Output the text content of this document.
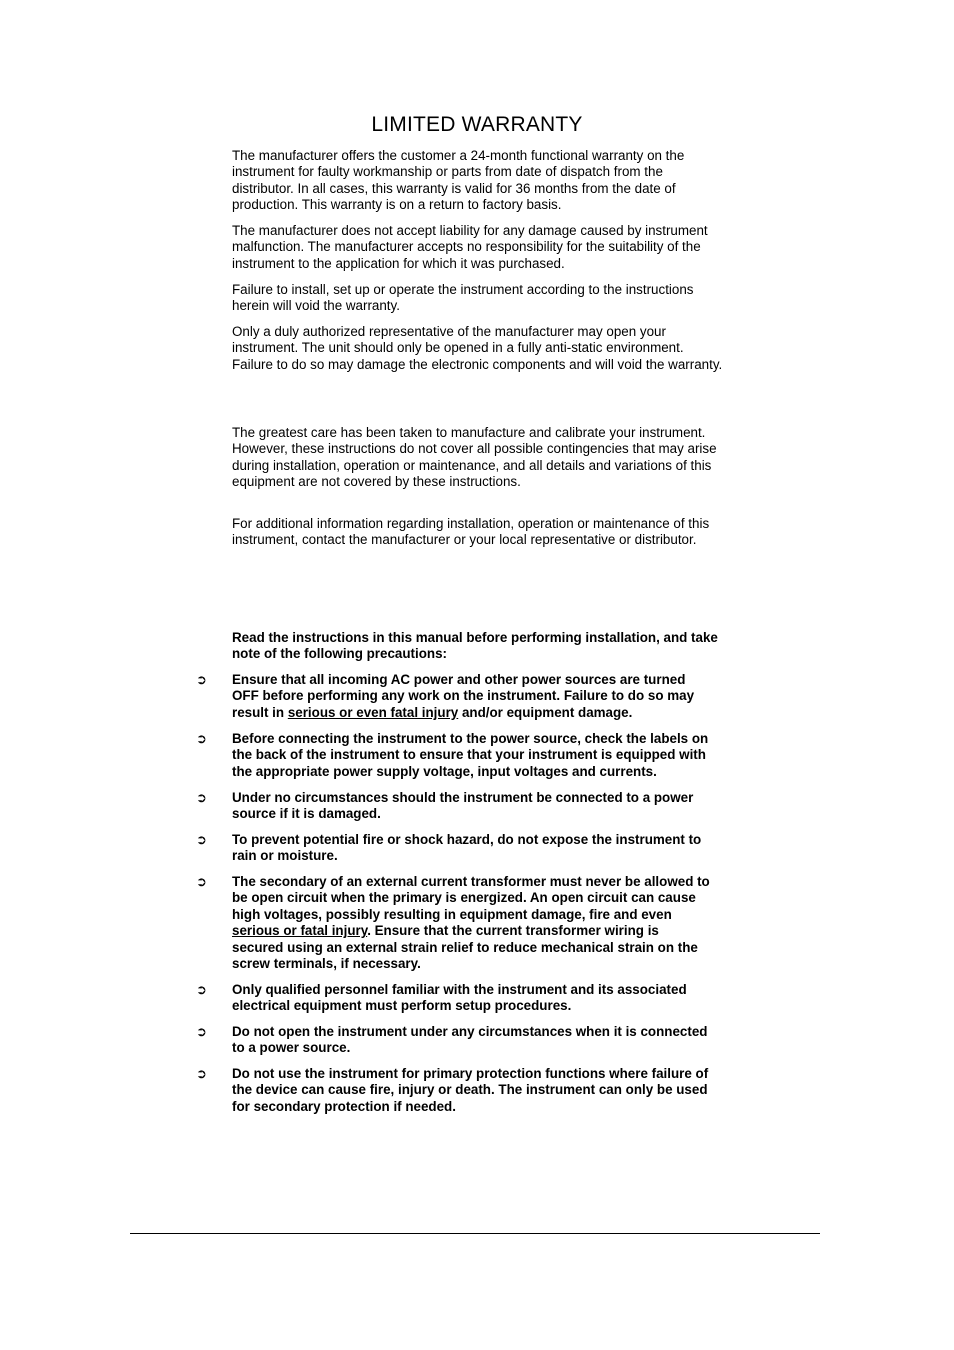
LIMITED WARRANTY

The manufacturer offers the customer a 24-month functional warranty on the instrument for faulty workmanship or parts from date of dispatch from the distributor. In all cases, this warranty is valid for 36 months from the date of production. This warranty is on a return to factory basis.

The manufacturer does not accept liability for any damage caused by instrument malfunction. The manufacturer accepts no responsibility for the suitability of the instrument to the application for which it was purchased.

Failure to install, set up or operate the instrument according to the instructions herein will void the warranty.

Only a duly authorized representative of the manufacturer may open your instrument. The unit should only be opened in a fully anti-static environment. Failure to do so may damage the electronic components and will void the warranty.

The greatest care has been taken to manufacture and calibrate your instrument. However, these instructions do not cover all possible contingencies that may arise during installation, operation or maintenance, and all details and variations of this equipment are not covered by these instructions.

For additional information regarding installation, operation or maintenance of this instrument, contact the manufacturer or your local representative or distributor.

Read the instructions in this manual before performing installation, and take note of the following precautions:

➲ Ensure that all incoming AC power and other power sources are turned OFF before performing any work on the instrument. Failure to do so may result in serious or even fatal injury and/or equipment damage.

➲ Before connecting the instrument to the power source, check the labels on the back of the instrument to ensure that your instrument is equipped with the appropriate power supply voltage, input voltages and currents.

➲ Under no circumstances should the instrument be connected to a power source if it is damaged.

➲ To prevent potential fire or shock hazard, do not expose the instrument to rain or moisture.

➲ The secondary of an external current transformer must never be allowed to be open circuit when the primary is energized. An open circuit can cause high voltages, possibly resulting in equipment damage, fire and even serious or fatal injury. Ensure that the current transformer wiring is secured using an external strain relief to reduce mechanical strain on the screw terminals, if necessary.

➲ Only qualified personnel familiar with the instrument and its associated electrical equipment must perform setup procedures.

➲ Do not open the instrument under any circumstances when it is connected to a power source.

➲ Do not use the instrument for primary protection functions where failure of the device can cause fire, injury or death. The instrument can only be used for secondary protection if needed.
